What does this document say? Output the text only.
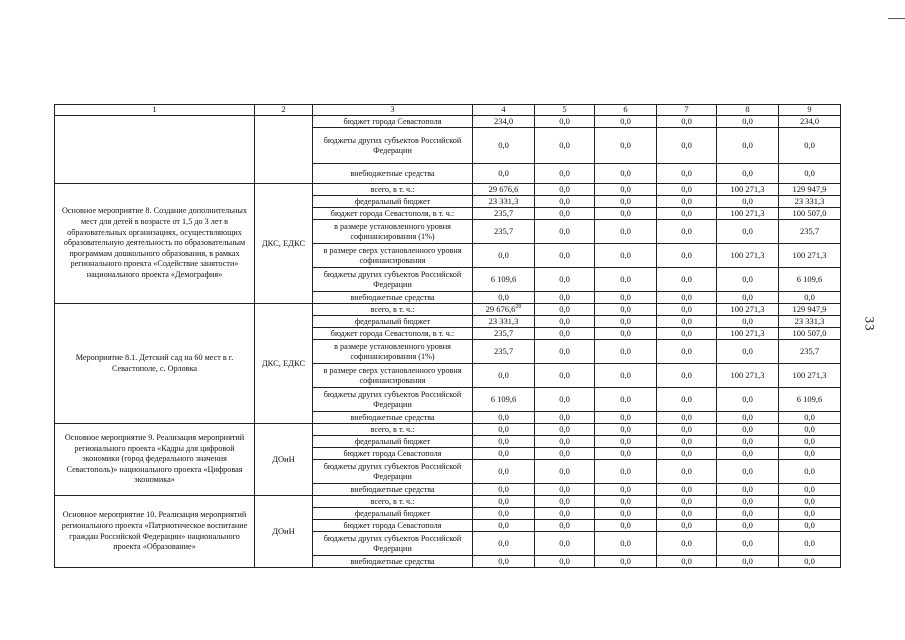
33
1	2	3	4	5	6	7	8	9
		бюджет города Севастополя	234,0	0,0	0,0	0,0	0,0	234,0
		бюджеты других субъектов Российской Федерации	0,0	0,0	0,0	0,0	0,0	0,0
		внебюджетные средства	0,0	0,0	0,0	0,0	0,0	0,0
Основное мероприятие 8. Создание дополнительных мест для детей в возрасте от 1,5 до 3 лет в образовательных организациях, осуществляющих образовательную деятельность по образовательным программам дошкольного образования, в рамках регионального проекта «Содействие занятости» национального проекта «Демография»	ДКС, ЕДКС	всего, в т. ч.:	29 676,6	0,0	0,0	0,0	100 271,3	129 947,9
		федеральный бюджет	23 331,3	0,0	0,0	0,0	0,0	23 331,3
		бюджет города Севастополя, в т. ч.:	235,7	0,0	0,0	0,0	100 271,3	100 507,0
		в размере установленного уровня софинансирования (1%)	235,7	0,0	0,0	0,0	0,0	235,7
		в размере сверх установленного уровня софинансирования	0,0	0,0	0,0	0,0	100 271,3	100 271,3
		бюджеты других субъектов Российской Федерации	6 109,6	0,0	0,0	0,0	0,0	6 109,6
		внебюджетные средства	0,0	0,0	0,0	0,0	0,0	0,0
Мероприятие 8.1. Детский сад на 60 мест в г. Севастополе, с. Орловка	ДКС, ЕДКС	всего, в т. ч.:	29 676,6$^{20}$	0,0	0,0	0,0	100 271,3	129 947,9
		федеральный бюджет	23 331,3	0,0	0,0	0,0	0,0	23 331,3
		бюджет города Севастополя, в т. ч.:	235,7	0,0	0,0	0,0	100 271,3	100 507,0
		в размере установленного уровня софинансирования (1%)	235,7	0,0	0,0	0,0	0,0	235,7
		в размере сверх установленного уровня софинансирования	0,0	0,0	0,0	0,0	100 271,3	100 271,3
		бюджеты других субъектов Российской Федерации	6 109,6	0,0	0,0	0,0	0,0	6 109,6
		внебюджетные средства	0,0	0,0	0,0	0,0	0,0	0,0
Основное мероприятие 9. Реализация мероприятий регионального проекта «Кадры для цифровой экономики (город федерального значения Севастополь)» национального проекта «Цифровая экономика»	ДОиН	всего, в т. ч.:	0,0	0,0	0,0	0,0	0,0	0,0
		федеральный бюджет	0,0	0,0	0,0	0,0	0,0	0,0
		бюджет города Севастополя	0,0	0,0	0,0	0,0	0,0	0,0
		бюджеты других субъектов Российской Федерации	0,0	0,0	0,0	0,0	0,0	0,0
		внебюджетные средства	0,0	0,0	0,0	0,0	0,0	0,0
Основное мероприятие 10. Реализация мероприятий регионального проекта «Патриотическое воспитание граждан Российской Федерации» национального проекта «Образование»	ДОиН	всего, в т. ч.:	0,0	0,0	0,0	0,0	0,0	0,0
		федеральный бюджет	0,0	0,0	0,0	0,0	0,0	0,0
		бюджет города Севастополя	0,0	0,0	0,0	0,0	0,0	0,0
		бюджеты других субъектов Российской Федерации	0,0	0,0	0,0	0,0	0,0	0,0
		внебюджетные средства	0,0	0,0	0,0	0,0	0,0	0,0
